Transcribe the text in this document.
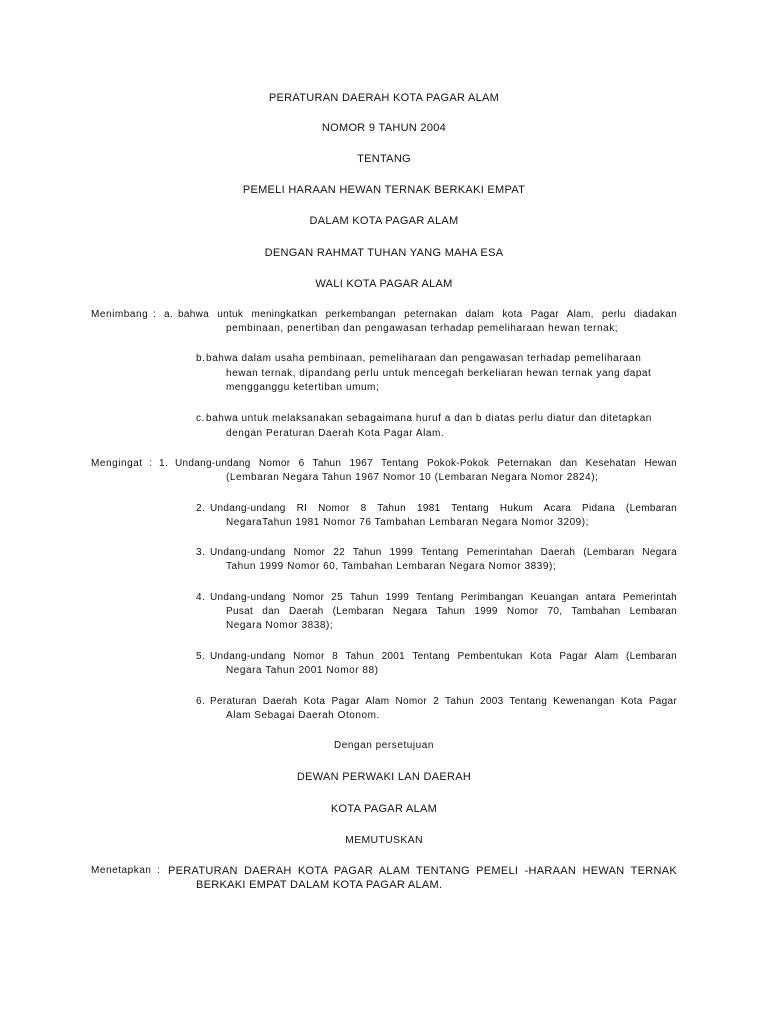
PERATURAN DAERAH KOTA PAGAR ALAM
NOMOR 9 TAHUN 2004
TENTANG
PEMELI HARAAN HEWAN TERNAK BERKAKI EMPAT
DALAM KOTA PAGAR ALAM
DENGAN RAHMAT TUHAN YANG MAHA ESA
WALI KOTA PAGAR ALAM
Menimbang : a. bahwa untuk meningkatkan perkembangan peternakan dalam kota Pagar Alam, perlu diadakan
pembinaan, penertiban dan pengawasan terhadap pemeliharaan hewan ternak;
b. bahwa dalam usaha pembinaan, pemeliharaan dan pengawasan terhadap pemeliharaan
hewan ternak, dipandang perlu untuk mencegah berkeliaran hewan ternak yang dapat
mengganggu ketertiban umum;
c. bahwa untuk melaksanakan sebagaimana huruf a dan b diatas perlu diatur dan ditetapkan
dengan Peraturan Daerah Kota Pagar Alam.
Mengingat : 1. Undang-undang Nomor 6 Tahun 1967 Tentang Pokok-Pokok Peternakan dan Kesehatan Hewan
(Lembaran Negara Tahun 1967 Nomor 10 (Lembaran Negara Nomor 2824);
2. Undang-undang RI Nomor 8 Tahun 1981 Tentang Hukum Acara Pidana (Lembaran
NegaraTahun 1981 Nomor 76 Tambahan Lembaran Negara Nomor 3209);
3. Undang-undang Nomor 22 Tahun 1999 Tentang Pemerintahan Daerah (Lembaran Negara
Tahun 1999 Nomor 60, Tambahan Lembaran Negara Nomor 3839);
4. Undang-undang Nomor 25 Tahun 1999 Tentang Perimbangan Keuangan antara Pemerintah
Pusat dan Daerah (Lembaran Negara Tahun 1999 Nomor 70, Tambahan Lembaran
Negara Nomor 3838);
5. Undang-undang Nomor 8 Tahun 2001 Tentang Pembentukan Kota Pagar Alam (Lembaran
Negara Tahun 2001 Nomor 88)
6. Peraturan Daerah Kota Pagar Alam Nomor 2 Tahun 2003 Tentang Kewenangan Kota Pagar
Alam Sebagai Daerah Otonom.
Dengan persetujuan
DEWAN PERWAKI LAN DAERAH
KOTA PAGAR ALAM
MEMUTUSKAN
Menetapkan : PERATURAN DAERAH KOTA PAGAR ALAM TENTANG PEMELI -HARAAN HEWAN TERNAK
BERKAKI EMPAT DALAM KOTA PAGAR ALAM.
